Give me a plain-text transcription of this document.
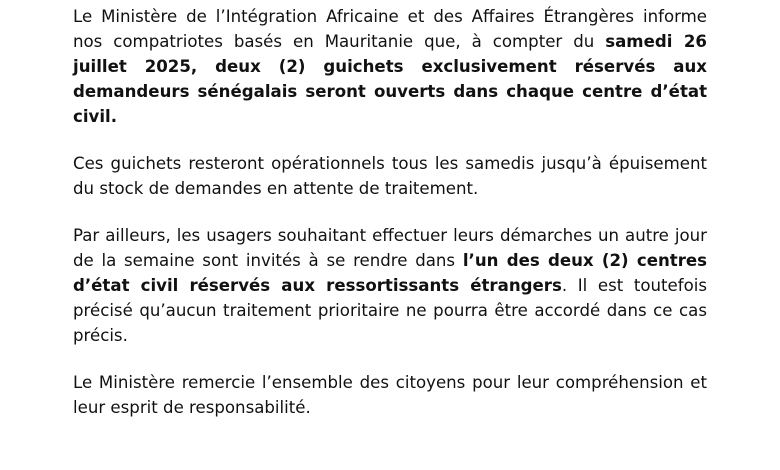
Le Ministère de l’Intégration Africaine et des Affaires Étrangères informe nos compatriotes basés en Mauritanie que, à compter du samedi 26 juillet 2025, deux (2) guichets exclusivement réservés aux demandeurs sénégalais seront ouverts dans chaque centre d’état civil.

Ces guichets resteront opérationnels tous les samedis jusqu’à épuisement du stock de demandes en attente de traitement.

Par ailleurs, les usagers souhaitant effectuer leurs démarches un autre jour de la semaine sont invités à se rendre dans l’un des deux (2) centres d’état civil réservés aux ressortissants étrangers. Il est toutefois précisé qu’aucun traitement prioritaire ne pourra être accordé dans ce cas précis.

Le Ministère remercie l’ensemble des citoyens pour leur compréhension et leur esprit de responsabilité.
